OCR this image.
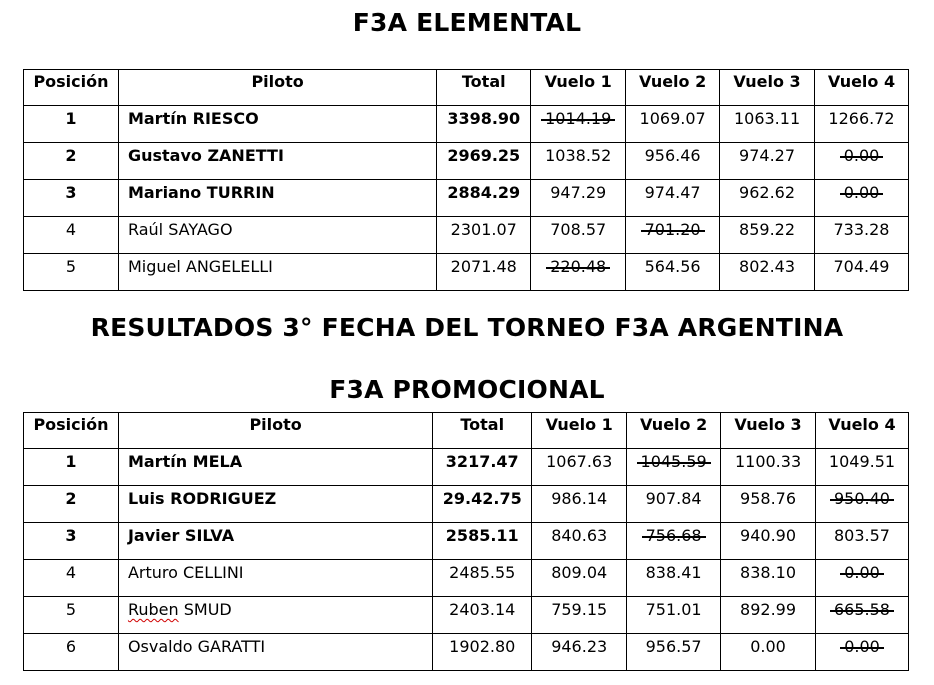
F3A ELEMENTAL
Posición	Piloto	Total	Vuelo 1	Vuelo 2	Vuelo 3	Vuelo 4
1	Martín RIESCO	3398.90	1014.19	1069.07	1063.11	1266.72
2	Gustavo ZANETTI	2969.25	1038.52	956.46	974.27	0.00
3	Mariano TURRIN	2884.29	947.29	974.47	962.62	0.00
4	Raúl SAYAGO	2301.07	708.57	701.20	859.22	733.28
5	Miguel ANGELELLI	2071.48	220.48	564.56	802.43	704.49
RESULTADOS 3° FECHA DEL TORNEO F3A ARGENTINA
F3A PROMOCIONAL
Posición	Piloto	Total	Vuelo 1	Vuelo 2	Vuelo 3	Vuelo 4
1	Martín MELA	3217.47	1067.63	1045.59	1100.33	1049.51
2	Luis RODRIGUEZ	29.42.75	986.14	907.84	958.76	950.40
3	Javier SILVA	2585.11	840.63	756.68	940.90	803.57
4	Arturo CELLINI	2485.55	809.04	838.41	838.10	0.00
5	Ruben SMUD	2403.14	759.15	751.01	892.99	665.58
6	Osvaldo GARATTI	1902.80	946.23	956.57	0.00	0.00
